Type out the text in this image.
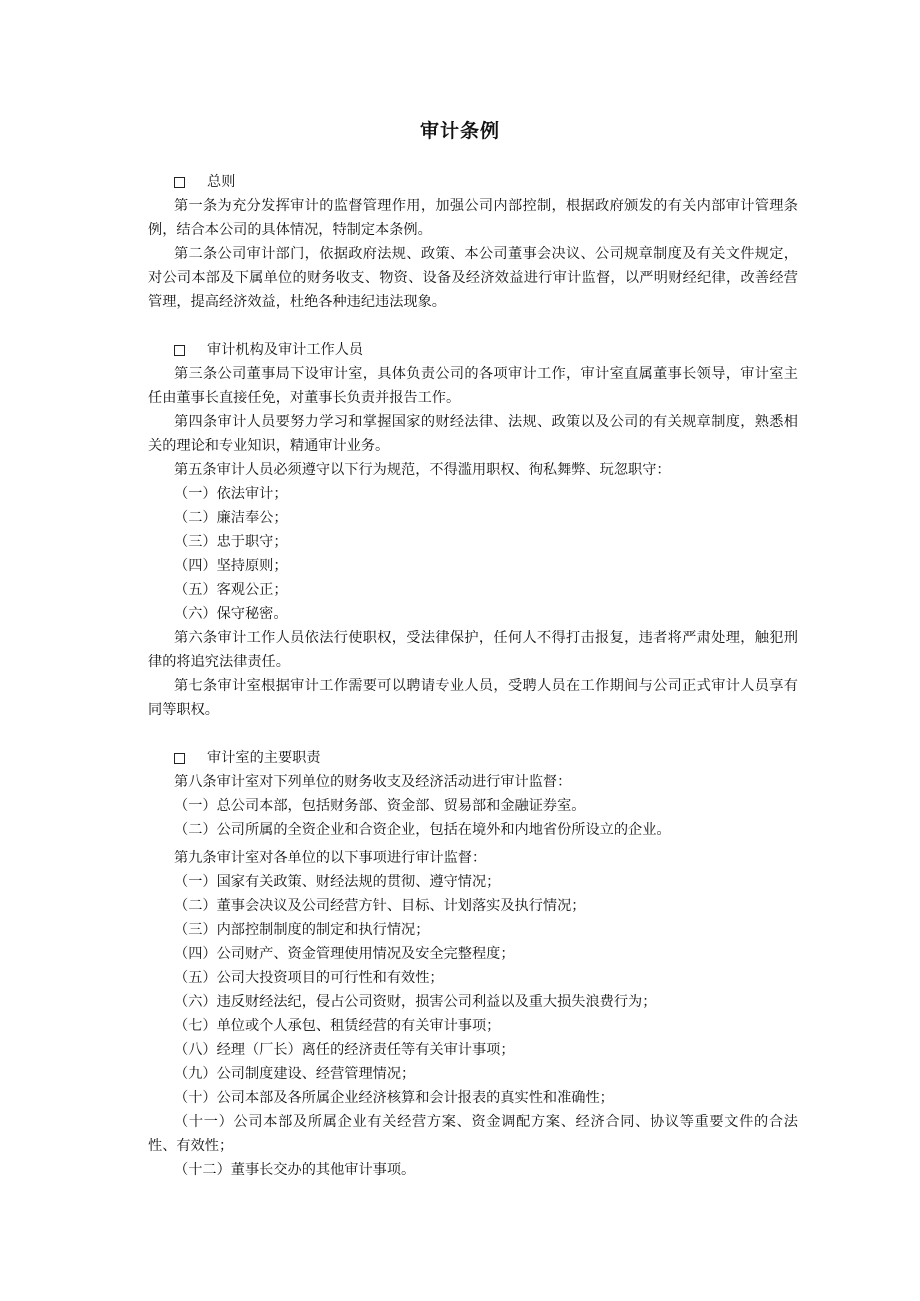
审计条例
总则

第一条为充分发挥审计的监督管理作用，加强公司内部控制，根据政府颁发的有关内部审计管理条例，结合本公司的具体情况，特制定本条例。

第二条公司审计部门，依据政府法规、政策、本公司董事会决议、公司规章制度及有关文件规定，对公司本部及下属单位的财务收支、物资、设备及经济效益进行审计监督，以严明财经纪律，改善经营管理，提高经济效益，杜绝各种违纪违法现象。

审计机构及审计工作人员

第三条公司董事局下设审计室，具体负责公司的各项审计工作，审计室直属董事长领导，审计室主任由董事长直接任免，对董事长负责并报告工作。

第四条审计人员要努力学习和掌握国家的财经法律、法规、政策以及公司的有关规章制度，熟悉相关的理论和专业知识，精通审计业务。

第五条审计人员必须遵守以下行为规范，不得滥用职权、徇私舞弊、玩忽职守：

（一）依法审计；

（二）廉洁奉公；

（三）忠于职守；

（四）坚持原则；

（五）客观公正；

（六）保守秘密。

第六条审计工作人员依法行使职权，受法律保护，任何人不得打击报复，违者将严肃处理，触犯刑律的将追究法律责任。

第七条审计室根据审计工作需要可以聘请专业人员，受聘人员在工作期间与公司正式审计人员享有同等职权。

审计室的主要职责

第八条审计室对下列单位的财务收支及经济活动进行审计监督：

（一）总公司本部，包括财务部、资金部、贸易部和金融证券室。

（二）公司所属的全资企业和合资企业，包括在境外和内地省份所设立的企业。

第九条审计室对各单位的以下事项进行审计监督：

（一）国家有关政策、财经法规的贯彻、遵守情况；

（二）董事会决议及公司经营方针、目标、计划落实及执行情况；

（三）内部控制制度的制定和执行情况；

（四）公司财产、资金管理使用情况及安全完整程度；

（五）公司大投资项目的可行性和有效性；

（六）违反财经法纪，侵占公司资财，损害公司利益以及重大损失浪费行为；

（七）单位或个人承包、租赁经营的有关审计事项；

（八）经理（厂长）离任的经济责任等有关审计事项；

（九）公司制度建设、经营管理情况；

（十）公司本部及各所属企业经济核算和会计报表的真实性和准确性；

（十一）公司本部及所属企业有关经营方案、资金调配方案、经济合同、协议等重要文件的合法性、有效性；

（十二）董事长交办的其他审计事项。
